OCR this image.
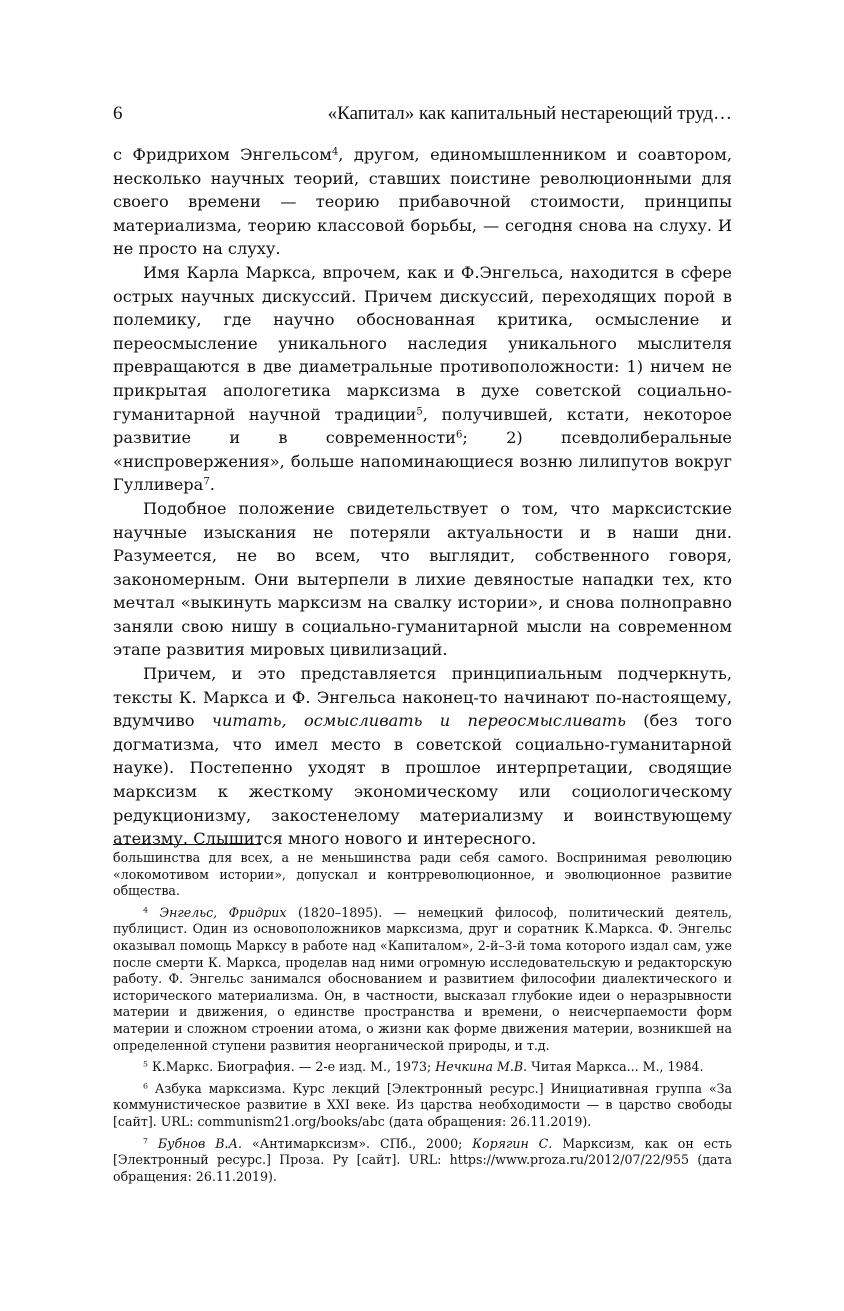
6	«Капитал» как капитальный нестареющий труд…

с Фридрихом Энгельсом$^4$, другом, единомышленником и соавтором, несколько научных теорий, ставших поистине революционными для своего времени — теорию прибавочной стоимости, принципы материализма, теорию классовой борьбы, — сегодня снова на слуху. И не просто на слуху.

Имя Карла Маркса, впрочем, как и Ф.Энгельса, находится в сфере острых научных дискуссий. Причем дискуссий, переходящих порой в полемику, где научно обоснованная критика, осмысление и переосмысление уникального наследия уникального мыслителя превращаются в две диаметральные противоположности: 1) ничем не прикрытая апологетика марксизма в духе советской социально-гуманитарной научной традиции$^5$, получившей, кстати, некоторое развитие и в современности$^6$; 2) псевдолиберальные «ниспровержения», больше напоминающиеся возню лилипутов вокруг Гулливера$^7$.

Подобное положение свидетельствует о том, что марксистские научные изыскания не потеряли актуальности и в наши дни. Разумеется, не во всем, что выглядит, собственного говоря, закономерным. Они вытерпели в лихие девяностые нападки тех, кто мечтал «выкинуть марксизм на свалку истории», и снова полноправно заняли свою нишу в социально-гуманитарной мысли на современном этапе развития мировых цивилизаций.

Причем, и это представляется принципиальным подчеркнуть, тексты К. Маркса и Ф. Энгельса наконец-то начинают по-настоящему, вдумчиво читать, осмысливать и переосмысливать (без того догматизма, что имел место в советской социально-гуманитарной науке). Постепенно уходят в прошлое интерпретации, сводящие марксизм к жесткому экономическому или социологическому редукционизму, закостенелому материализму и воинствующему атеизму. Слышится много нового и интересного.

большинства для всех, а не меньшинства ради себя самого. Воспринимая революцию «локомотивом истории», допускал и контрреволюционное, и эволюционное развитие общества.

$^4$ Энгельс, Фридрих (1820–1895). — немецкий философ, политический деятель, публицист. Один из основоположников марксизма, друг и соратник К.Маркса. Ф. Энгельс оказывал помощь Марксу в работе над «Капиталом», 2-й–3-й тома которого издал сам, уже после смерти К. Маркса, проделав над ними огромную исследовательскую и редакторскую работу. Ф. Энгельс занимался обоснованием и развитием философии диалектического и исторического материализма. Он, в частности, высказал глубокие идеи о неразрывности материи и движения, о единстве пространства и времени, о неисчерпаемости форм материи и сложном строении атома, о жизни как форме движения материи, возникшей на определенной ступени развития неорганической природы, и т.д.

$^5$ К.Маркс. Биография. — 2-е изд. М., 1973; Нечкина М.В. Читая Маркса... М., 1984.

$^6$ Азбука марксизма. Курс лекций [Электронный ресурс.] Инициативная группа «За коммунистическое развитие в XXI веке. Из царства необходимости — в царство свободы [сайт]. URL: communism21.org/books/abc (дата обращения: 26.11.2019).

$^7$ Бубнов В.А. «Антимарксизм». СПб., 2000; Корягин С. Марксизм, как он есть [Электронный ресурс.] Проза. Ру [сайт]. URL: https://www.proza.ru/2012/07/22/955 (дата обращения: 26.11.2019).
